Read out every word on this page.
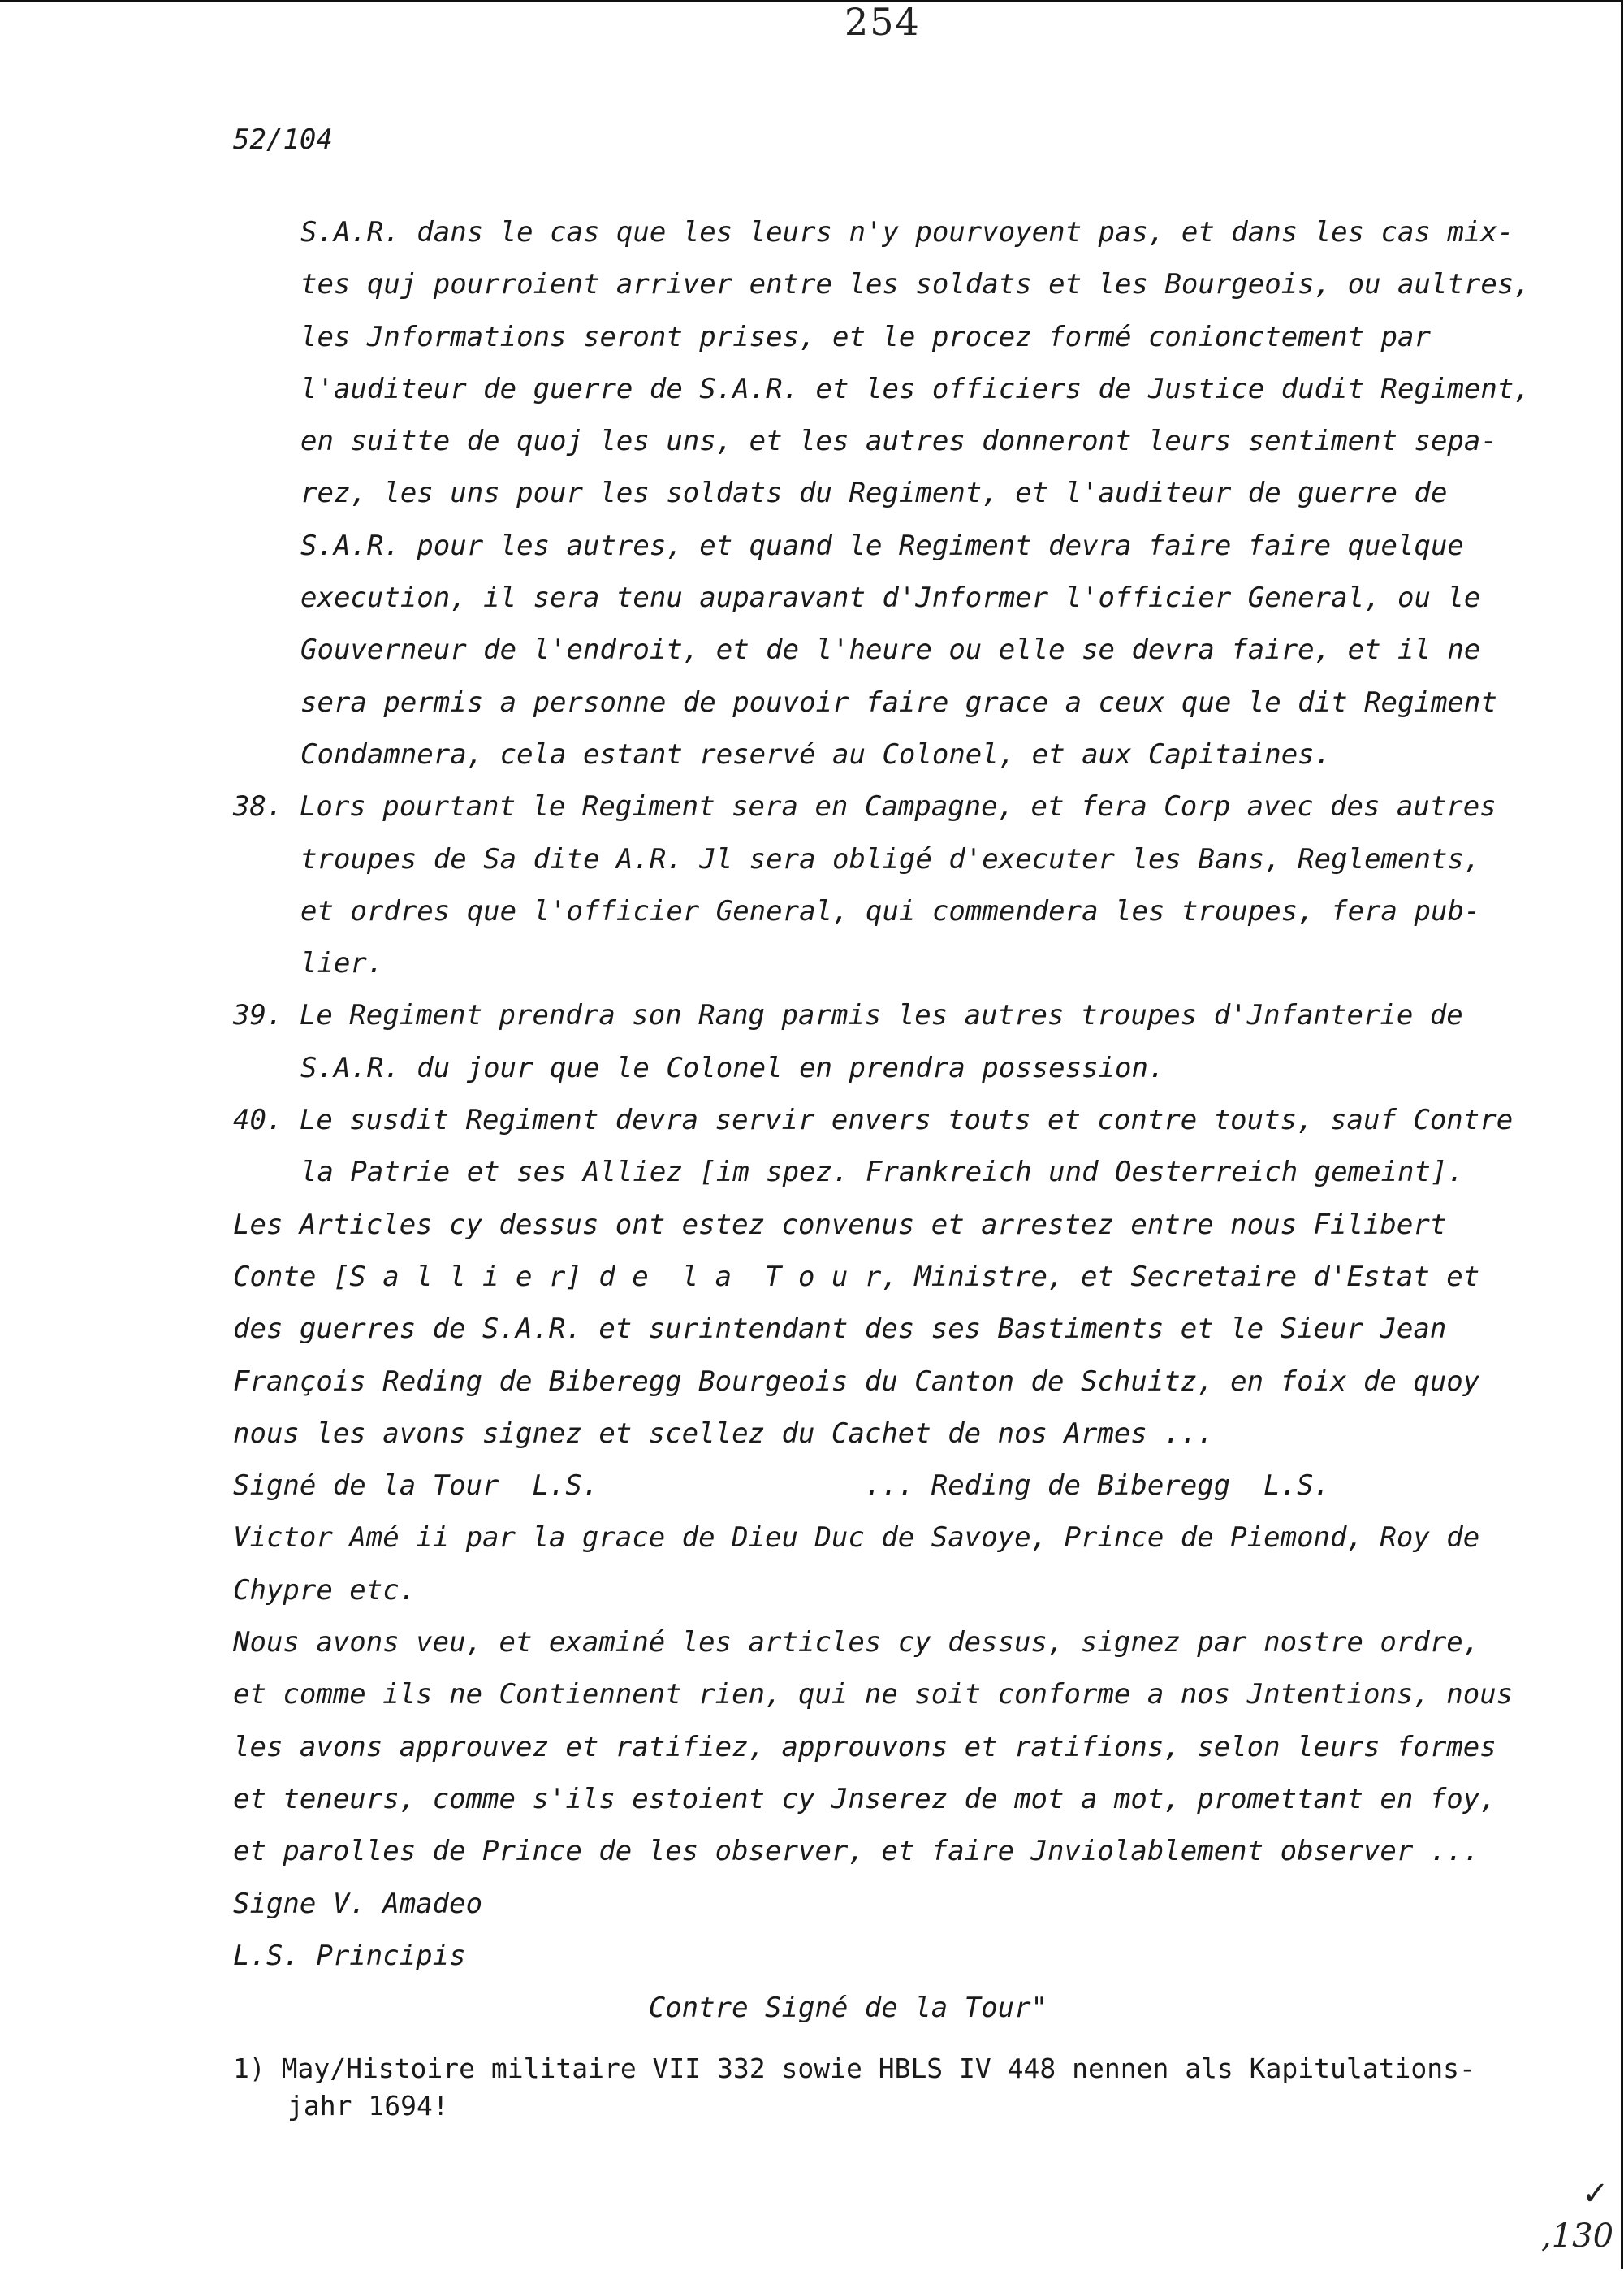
254
52/104
S.A.R. dans le cas que les leurs n'y pourvoyent pas, et dans les cas mix-
tes quj pourroient arriver entre les soldats et les Bourgeois, ou aultres,
les Jnformations seront prises, et le procez formé conionctement par
l'auditeur de guerre de S.A.R. et les officiers de Justice dudit Regiment,
en suitte de quoj les uns, et les autres donneront leurs sentiment sepa-
rez, les uns pour les soldats du Regiment, et l'auditeur de guerre de
S.A.R. pour les autres, et quand le Regiment devra faire faire quelque
execution, il sera tenu auparavant d'Jnformer l'officier General, ou le
Gouverneur de l'endroit, et de l'heure ou elle se devra faire, et il ne
sera permis a personne de pouvoir faire grace a ceux que le dit Regiment
Condamnera, cela estant reservé au Colonel, et aux Capitaines.
38. Lors pourtant le Regiment sera en Campagne, et fera Corp avec des autres
troupes de Sa dite A.R. Jl sera obligé d'executer les Bans, Reglements,
et ordres que l'officier General, qui commendera les troupes, fera pub-
lier.
39. Le Regiment prendra son Rang parmis les autres troupes d'Jnfanterie de
S.A.R. du jour que le Colonel en prendra possession.
40. Le susdit Regiment devra servir envers touts et contre touts, sauf Contre
la Patrie et ses Alliez [im spez. Frankreich und Oesterreich gemeint].
Les Articles cy dessus ont estez convenus et arrestez entre nous Filibert
Conte [S a l l i e r] d e  l a  T o u r, Ministre, et Secretaire d'Estat et
des guerres de S.A.R. et surintendant des ses Bastiments et le Sieur Jean
François Reding de Biberegg Bourgeois du Canton de Schuitz, en foix de quoy
nous les avons signez et scellez du Cachet de nos Armes ...
Signé de la Tour  L.S.                ... Reding de Biberegg  L.S.
Victor Amé ii par la grace de Dieu Duc de Savoye, Prince de Piemond, Roy de
Chypre etc.
Nous avons veu, et examiné les articles cy dessus, signez par nostre ordre,
et comme ils ne Contiennent rien, qui ne soit conforme a nos Jntentions, nous
les avons approuvez et ratifiez, approuvons et ratifions, selon leurs formes
et teneurs, comme s'ils estoient cy Jnserez de mot a mot, promettant en foy,
et parolles de Prince de les observer, et faire Jnviolablement observer ...
Signe V. Amadeo
L.S. Principis
Contre Signé de la Tour"
1) May/Histoire militaire VII 332 sowie HBLS IV 448 nennen als Kapitulations-
jahr 1694!
✓
,130
